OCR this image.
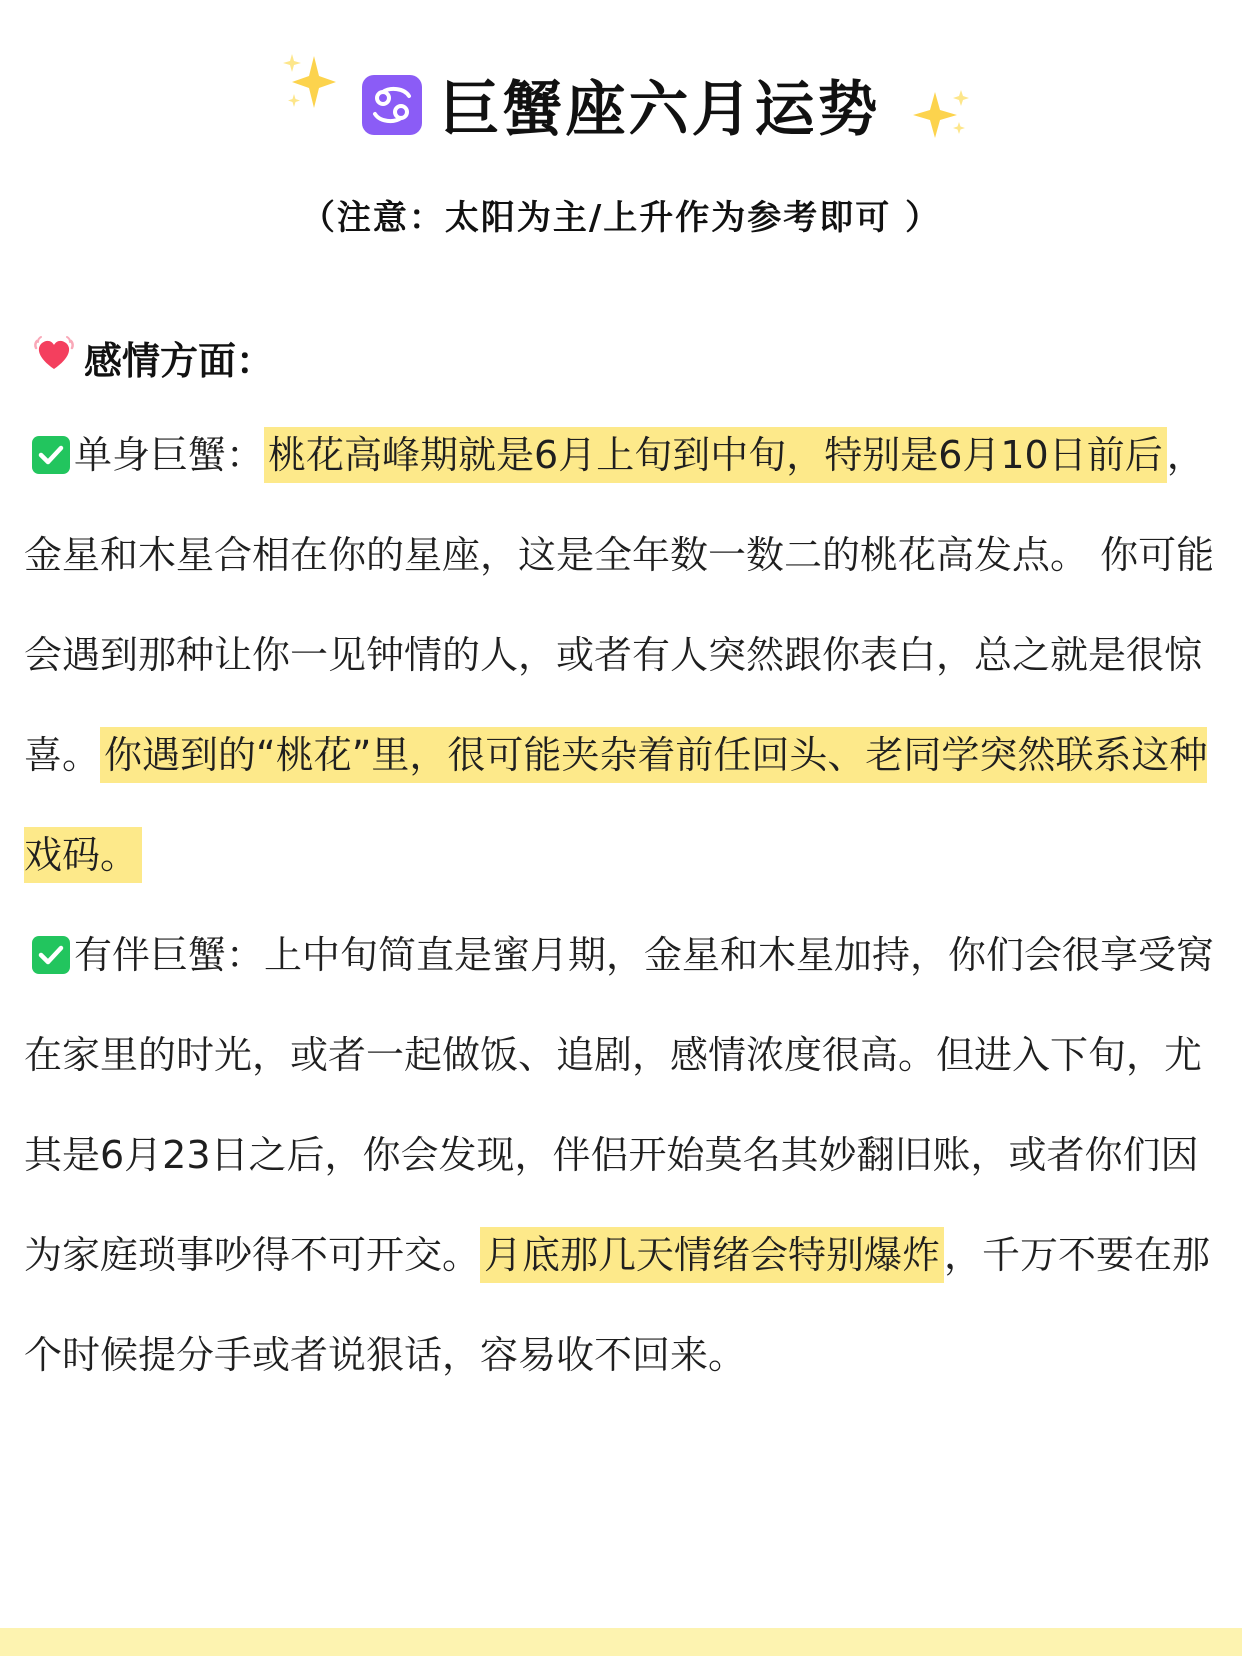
巨蟹座六月运势
（注意：太阳为主/上升作为参考即可 ）
感情方面：

单身巨蟹： 桃花高峰期就是6月上旬到中旬，特别是6月10日前后 ，金星和木星合相在你的星座，这是全年数一数二的桃花高发点。 你可能会遇到那种让你一见钟情的人，或者有人突然跟你表白，总之就是很惊喜。 你遇到的“桃花”里，很可能夹杂着前任回头、老同学突然联系这种戏码。

有伴巨蟹：上中旬简直是蜜月期，金星和木星加持，你们会很享受窝在家里的时光，或者一起做饭、追剧，感情浓度很高。但进入下旬，尤其是6月23日之后，你会发现，伴侣开始莫名其妙翻旧账，或者你们因为家庭琐事吵得不可开交。 月底那几天情绪会特别爆炸 ，千万不要在那个时候提分手或者说狠话，容易收不回来。
